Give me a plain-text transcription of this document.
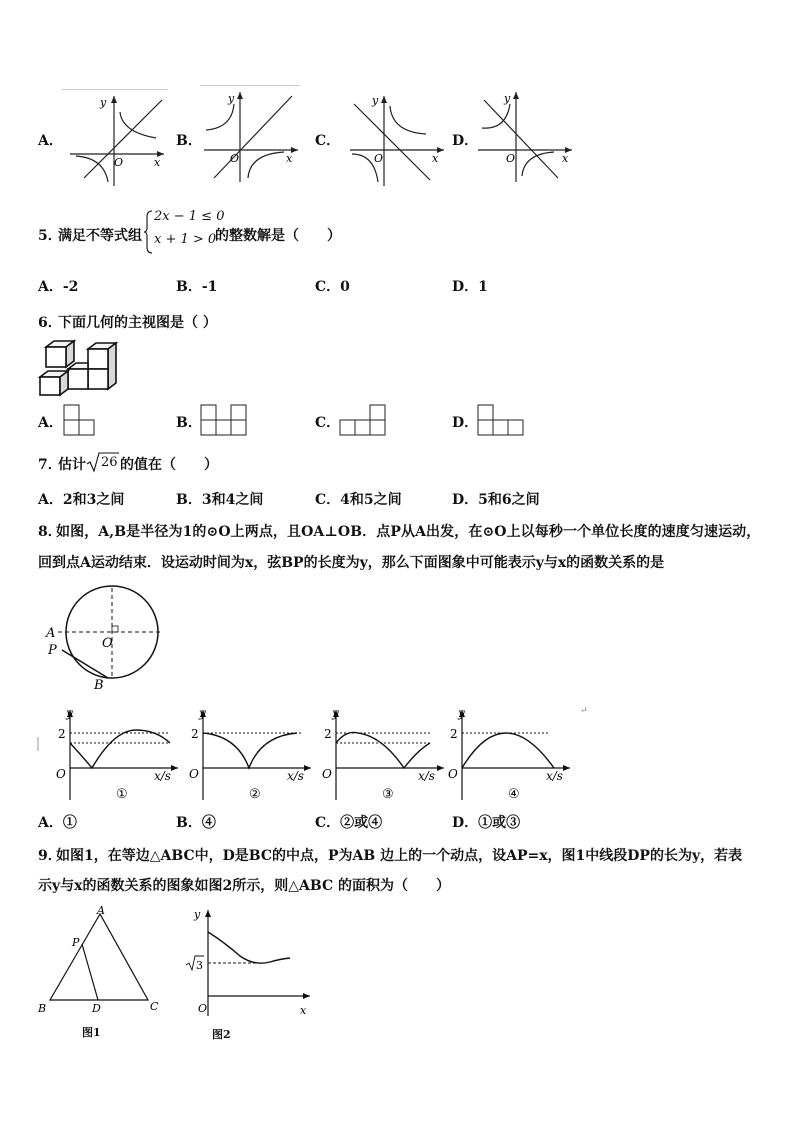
A．	B．	C．	D．
y
x
O
y
x
O
y
x
O
y
x
O
5．
满足不等式组
2x − 1 ≤ 0
x + 1 > 0
的整数解是（　　）
A．-2	B．-1	C．0	D．1
6．
下面几何的主视图是（ ）
A．	B．	C．	D．
7．
估计 26 的值在（　　）
A．2和3之间	B．3和4之间	C．4和5之间	D．5和6之间
8．
如图，A,B是半径为1的⊙O上两点，且OA⊥OB．点P从A出发，在⊙O上以每秒一个单位长度的速度匀速运动，
回到点A运动结束．设运动时间为x，弦BP的长度为y，那么下面图象中可能表示y与x的函数关系的是
A
O
P
B
↵
y
2
O	x/s
①
y
2
O	x/s
②
y
2
O	x/s
③
y
2
O	x/s
④
A．①	B．④	C．②或④	D．①或③
9．
如图1，在等边△ABC中，D是BC的中点，P为AB 边上的一个动点，设AP=x，图1中线段DP的长为y，若表
示y与x的函数关系的图象如图2所示，则△ABC 的面积为（　　）
A
P
B	D	C
图1
y
3
O	x
图2
